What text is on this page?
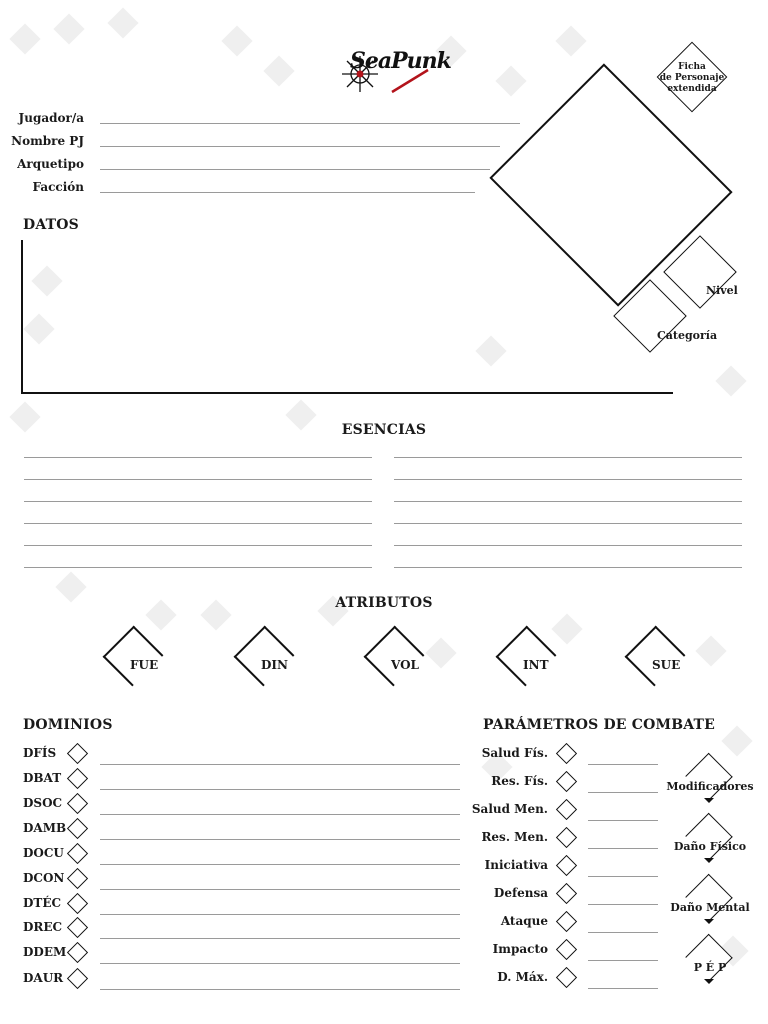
SeaPunk	Ficha
de Personaje
extendida
Jugador/a
Nombre PJ
Arquetipo
Facción
Nivel
Categoría
DATOS
ESENCIAS
ATRIBUTOS
FUE	DIN	VOL	INT	SUE
DOMINIOS
DFÍS
DBAT
DSOC
DAMB
DOCU
DCON
DTÉC
DREC
DDEM
DAUR
PARÁMETROS DE COMBATE
Salud Fís.
Res. Fís.
Salud Men.
Res. Men.
Iniciativa
Defensa
Ataque
Impacto
D. Máx.
Modificadores
Daño Físico
Daño Mental
P É P
